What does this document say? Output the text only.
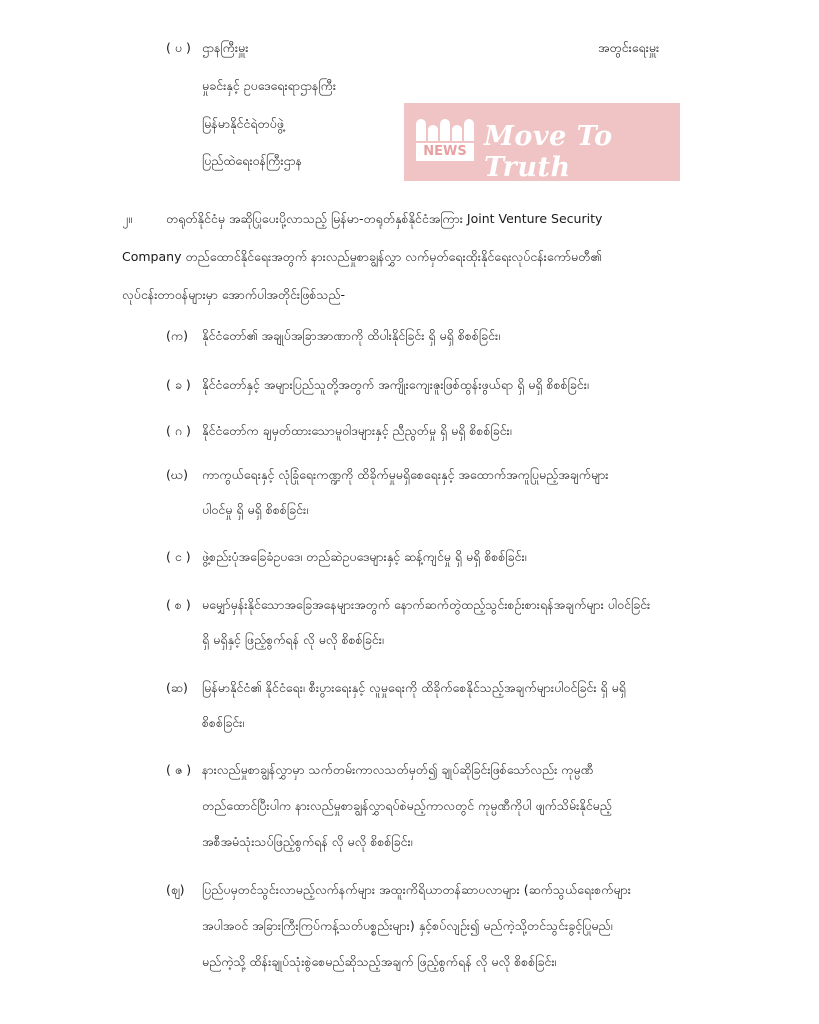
( ပ ) ဌာနကြီးမှူး	အတွင်းရေးမှူး
မှုခင်းနှင့် ဥပဒေရေးရာဌာနကြီး
မြန်မာနိုင်ငံရဲတပ်ဖွဲ့
ပြည်ထဲရေးဝန်ကြီးဌာန
NEWS Move To Truth
၂။	တရုတ်နိုင်ငံမှ အဆိုပြုပေးပို့လာသည့် မြန်မာ-တရုတ်နှစ်နိုင်ငံအကြား Joint Venture Security
Company တည်ထောင်နိုင်ရေးအတွက် နားလည်မှုစာချွန်လွှာ လက်မှတ်ရေးထိုးနိုင်ရေးလုပ်ငန်းကော်မတီ၏
လုပ်ငန်းတာဝန်များမှာ အောက်ပါအတိုင်းဖြစ်သည်-
(က) နိုင်ငံတော်၏ အချုပ်အခြာအာဏာကို ထိပါးနိုင်ခြင်း ရှိ မရှိ စိစစ်ခြင်း၊
( ခ ) နိုင်ငံတော်နှင့် အများပြည်သူတို့အတွက် အကျိုးကျေးဇူးဖြစ်ထွန်းဖွယ်ရာ ရှိ မရှိ စိစစ်ခြင်း၊
( ဂ ) နိုင်ငံတော်က ချမှတ်ထားသောမူဝါဒများနှင့် ညီညွတ်မှု ရှိ မရှိ စိစစ်ခြင်း၊
(ဃ) ကာကွယ်ရေးနှင့် လုံခြုံရေးကဏ္ဍကို ထိခိုက်မှုမရှိစေရေးနှင့် အထောက်အကူပြုမည့်အချက်များ
ပါဝင်မှု ရှိ မရှိ စိစစ်ခြင်း၊
( င ) ဖွဲ့စည်းပုံအခြေခံဥပဒေ၊ တည်ဆဲဥပဒေများနှင့် ဆန့်ကျင်မှု ရှိ မရှိ စိစစ်ခြင်း၊
( စ ) မမျှော်မှန်းနိုင်သောအခြေအနေများအတွက် နောက်ဆက်တွဲထည့်သွင်းစဉ်းစားရန်အချက်များ ပါဝင်ခြင်း
ရှိ မရှိနှင့် ဖြည့်စွက်ရန် လို မလို စိစစ်ခြင်း၊
(ဆ) မြန်မာနိုင်ငံ၏ နိုင်ငံရေး၊ စီးပွားရေးနှင့် လူမှုရေးကို ထိခိုက်စေနိုင်သည့်အချက်များပါဝင်ခြင်း ရှိ မရှိ
စိစစ်ခြင်း၊
( ဇ ) နားလည်မှုစာချွန်လွှာမှာ သက်တမ်းကာလသတ်မှတ်၍ ချုပ်ဆိုခြင်းဖြစ်သော်လည်း ကုမ္ပဏီ
တည်ထောင်ပြီးပါက နားလည်မှုစာချွန်လွှာရပ်စဲမည့်ကာလတွင် ကုမ္ပဏီကိုပါ ဖျက်သိမ်းနိုင်မည့်
အစီအမံသုံးသပ်ဖြည့်စွက်ရန် လို မလို စိစစ်ခြင်း၊
(ဈ) ပြည်ပမှတင်သွင်းလာမည့်လက်နက်များ အထူးကိရိယာတန်ဆာပလာများ (ဆက်သွယ်ရေးစက်များ
အပါအဝင် အခြားကြီးကြပ်ကန့်သတ်ပစ္စည်းများ) နှင့်စပ်လျဉ်း၍ မည်ကဲ့သို့တင်သွင်းခွင့်ပြုမည်၊
မည်ကဲ့သို့ ထိန်းချုပ်သုံးစွဲစေမည်ဆိုသည့်အချက် ဖြည့်စွက်ရန် လို မလို စိစစ်ခြင်း၊
